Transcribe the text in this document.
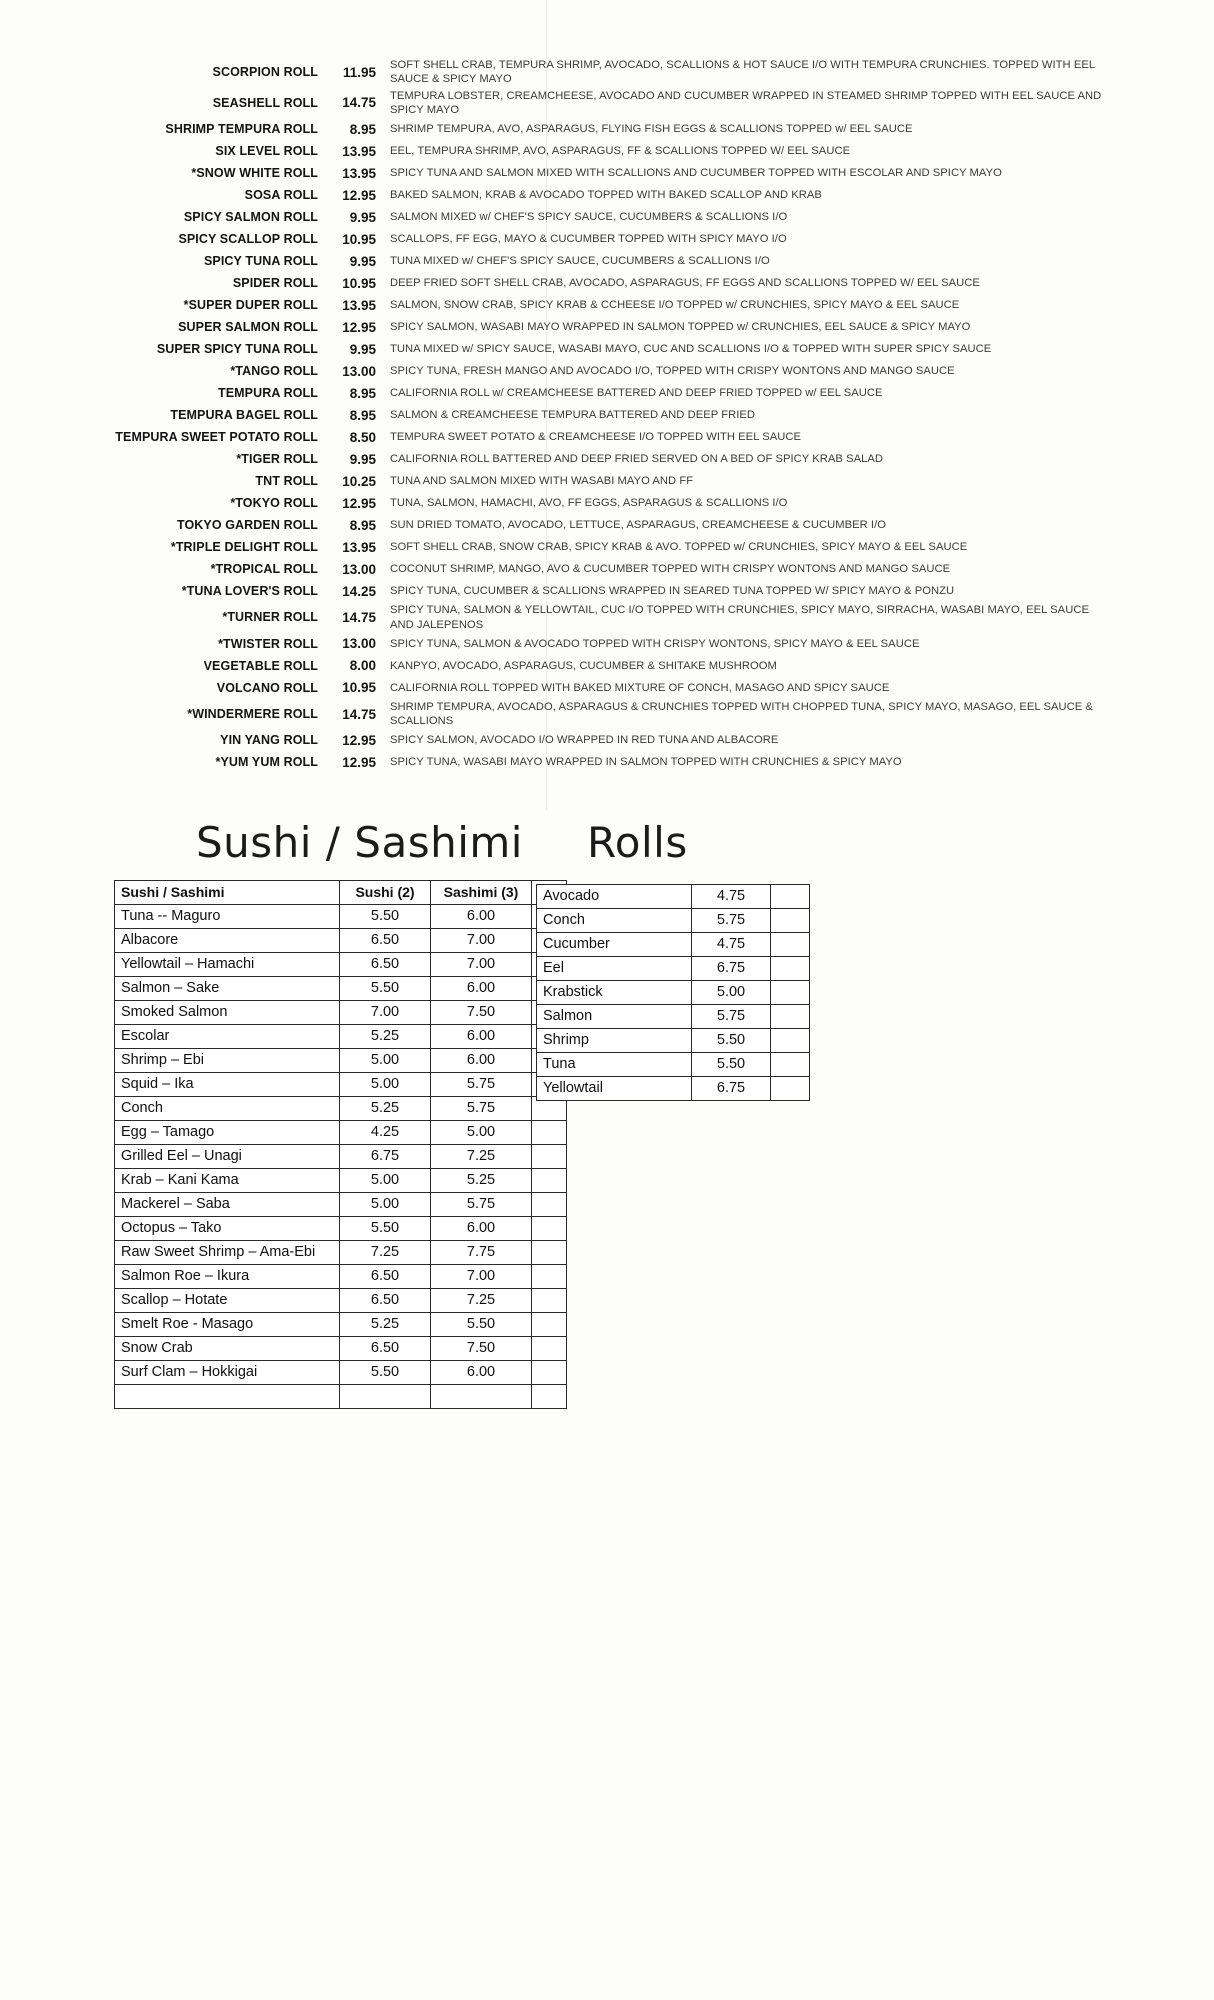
SCORPION ROLL	11.95	SOFT SHELL CRAB, TEMPURA SHRIMP, AVOCADO, SCALLIONS & HOT SAUCE I/O WITH TEMPURA CRUNCHIES. TOPPED WITH EEL SAUCE & SPICY MAYO
SEASHELL ROLL	14.75	TEMPURA LOBSTER, CREAMCHEESE, AVOCADO AND CUCUMBER WRAPPED IN STEAMED SHRIMP TOPPED WITH EEL SAUCE AND SPICY MAYO
SHRIMP TEMPURA ROLL	8.95	SHRIMP TEMPURA, AVO, ASPARAGUS, FLYING FISH EGGS & SCALLIONS TOPPED w/ EEL SAUCE
SIX LEVEL ROLL	13.95	EEL, TEMPURA SHRIMP, AVO, ASPARAGUS, FF & SCALLIONS TOPPED W/ EEL SAUCE
*SNOW WHITE ROLL	13.95	SPICY TUNA AND SALMON MIXED WITH SCALLIONS AND CUCUMBER TOPPED WITH ESCOLAR AND SPICY MAYO
SOSA ROLL	12.95	BAKED SALMON, KRAB & AVOCADO TOPPED WITH BAKED SCALLOP AND KRAB
SPICY SALMON ROLL	9.95	SALMON MIXED w/ CHEF'S SPICY SAUCE, CUCUMBERS & SCALLIONS I/O
SPICY SCALLOP ROLL	10.95	SCALLOPS, FF EGG, MAYO & CUCUMBER TOPPED WITH SPICY MAYO I/O
SPICY TUNA ROLL	9.95	TUNA MIXED w/ CHEF'S SPICY SAUCE, CUCUMBERS & SCALLIONS I/O
SPIDER ROLL	10.95	DEEP FRIED SOFT SHELL CRAB, AVOCADO, ASPARAGUS, FF EGGS AND SCALLIONS TOPPED W/ EEL SAUCE
*SUPER DUPER ROLL	13.95	SALMON, SNOW CRAB, SPICY KRAB & CCHEESE I/O TOPPED w/ CRUNCHIES, SPICY MAYO & EEL SAUCE
SUPER SALMON ROLL	12.95	SPICY SALMON, WASABI MAYO WRAPPED IN SALMON TOPPED w/ CRUNCHIES, EEL SAUCE & SPICY MAYO
SUPER SPICY TUNA ROLL	9.95	TUNA MIXED w/ SPICY SAUCE, WASABI MAYO, CUC AND SCALLIONS I/O & TOPPED WITH SUPER SPICY SAUCE
*TANGO ROLL	13.00	SPICY TUNA, FRESH MANGO AND AVOCADO I/O, TOPPED WITH CRISPY WONTONS AND MANGO SAUCE
TEMPURA ROLL	8.95	CALIFORNIA ROLL w/ CREAMCHEESE BATTERED AND DEEP FRIED TOPPED w/ EEL SAUCE
TEMPURA BAGEL ROLL	8.95	SALMON & CREAMCHEESE TEMPURA BATTERED AND DEEP FRIED
TEMPURA SWEET POTATO ROLL	8.50	TEMPURA SWEET POTATO & CREAMCHEESE I/O TOPPED WITH EEL SAUCE
*TIGER ROLL	9.95	CALIFORNIA ROLL BATTERED AND DEEP FRIED SERVED ON A BED OF SPICY KRAB SALAD
TNT ROLL	10.25	TUNA AND SALMON MIXED WITH WASABI MAYO AND FF
*TOKYO ROLL	12.95	TUNA, SALMON, HAMACHI, AVO, FF EGGS, ASPARAGUS & SCALLIONS I/O
TOKYO GARDEN ROLL	8.95	SUN DRIED TOMATO, AVOCADO, LETTUCE, ASPARAGUS, CREAMCHEESE & CUCUMBER I/O
*TRIPLE DELIGHT ROLL	13.95	SOFT SHELL CRAB, SNOW CRAB, SPICY KRAB & AVO. TOPPED w/ CRUNCHIES, SPICY MAYO & EEL SAUCE
*TROPICAL ROLL	13.00	COCONUT SHRIMP, MANGO, AVO & CUCUMBER TOPPED WITH CRISPY WONTONS AND MANGO SAUCE
*TUNA LOVER'S ROLL	14.25	SPICY TUNA, CUCUMBER & SCALLIONS WRAPPED IN SEARED TUNA TOPPED W/ SPICY MAYO & PONZU
*TURNER ROLL	14.75	SPICY TUNA, SALMON & YELLOWTAIL, CUC I/O TOPPED WITH CRUNCHIES, SPICY MAYO, SIRRACHA, WASABI MAYO, EEL SAUCE AND JALEPENOS
*TWISTER ROLL	13.00	SPICY TUNA, SALMON & AVOCADO TOPPED WITH CRISPY WONTONS, SPICY MAYO & EEL SAUCE
VEGETABLE ROLL	8.00	KANPYO, AVOCADO, ASPARAGUS, CUCUMBER & SHITAKE MUSHROOM
VOLCANO ROLL	10.95	CALIFORNIA ROLL TOPPED WITH BAKED MIXTURE OF CONCH, MASAGO AND SPICY SAUCE
*WINDERMERE ROLL	14.75	SHRIMP TEMPURA, AVOCADO, ASPARAGUS & CRUNCHIES TOPPED WITH CHOPPED TUNA, SPICY MAYO, MASAGO, EEL SAUCE & SCALLIONS
YIN YANG ROLL	12.95	SPICY SALMON, AVOCADO I/O WRAPPED IN RED TUNA AND ALBACORE
*YUM YUM ROLL	12.95	SPICY TUNA, WASABI MAYO WRAPPED IN SALMON TOPPED WITH CRUNCHIES & SPICY MAYO
Sushi / Sashimi Rolls
Sushi / Sashimi	Sushi (2)	Sashimi (3)	
Tuna -- Maguro	5.50	6.00	
Albacore	6.50	7.00	
Yellowtail – Hamachi	6.50	7.00	
Salmon – Sake	5.50	6.00	
Smoked Salmon	7.00	7.50	
Escolar	5.25	6.00	
Shrimp – Ebi	5.00	6.00	
Squid – Ika	5.00	5.75	
Conch	5.25	5.75	
Egg – Tamago	4.25	5.00	
Grilled Eel – Unagi	6.75	7.25	
Krab – Kani Kama	5.00	5.25	
Mackerel – Saba	5.00	5.75	
Octopus – Tako	5.50	6.00	
Raw Sweet Shrimp – Ama-Ebi	7.25	7.75	
Salmon Roe – Ikura	6.50	7.00	
Scallop – Hotate	6.50	7.25	
Smelt Roe - Masago	5.25	5.50	
Snow Crab	6.50	7.50	
Surf Clam – Hokkigai	5.50	6.00	

Avocado	4.75	
Conch	5.75	
Cucumber	4.75	
Eel	6.75	
Krabstick	5.00	
Salmon	5.75	
Shrimp	5.50	
Tuna	5.50	
Yellowtail	6.75	
